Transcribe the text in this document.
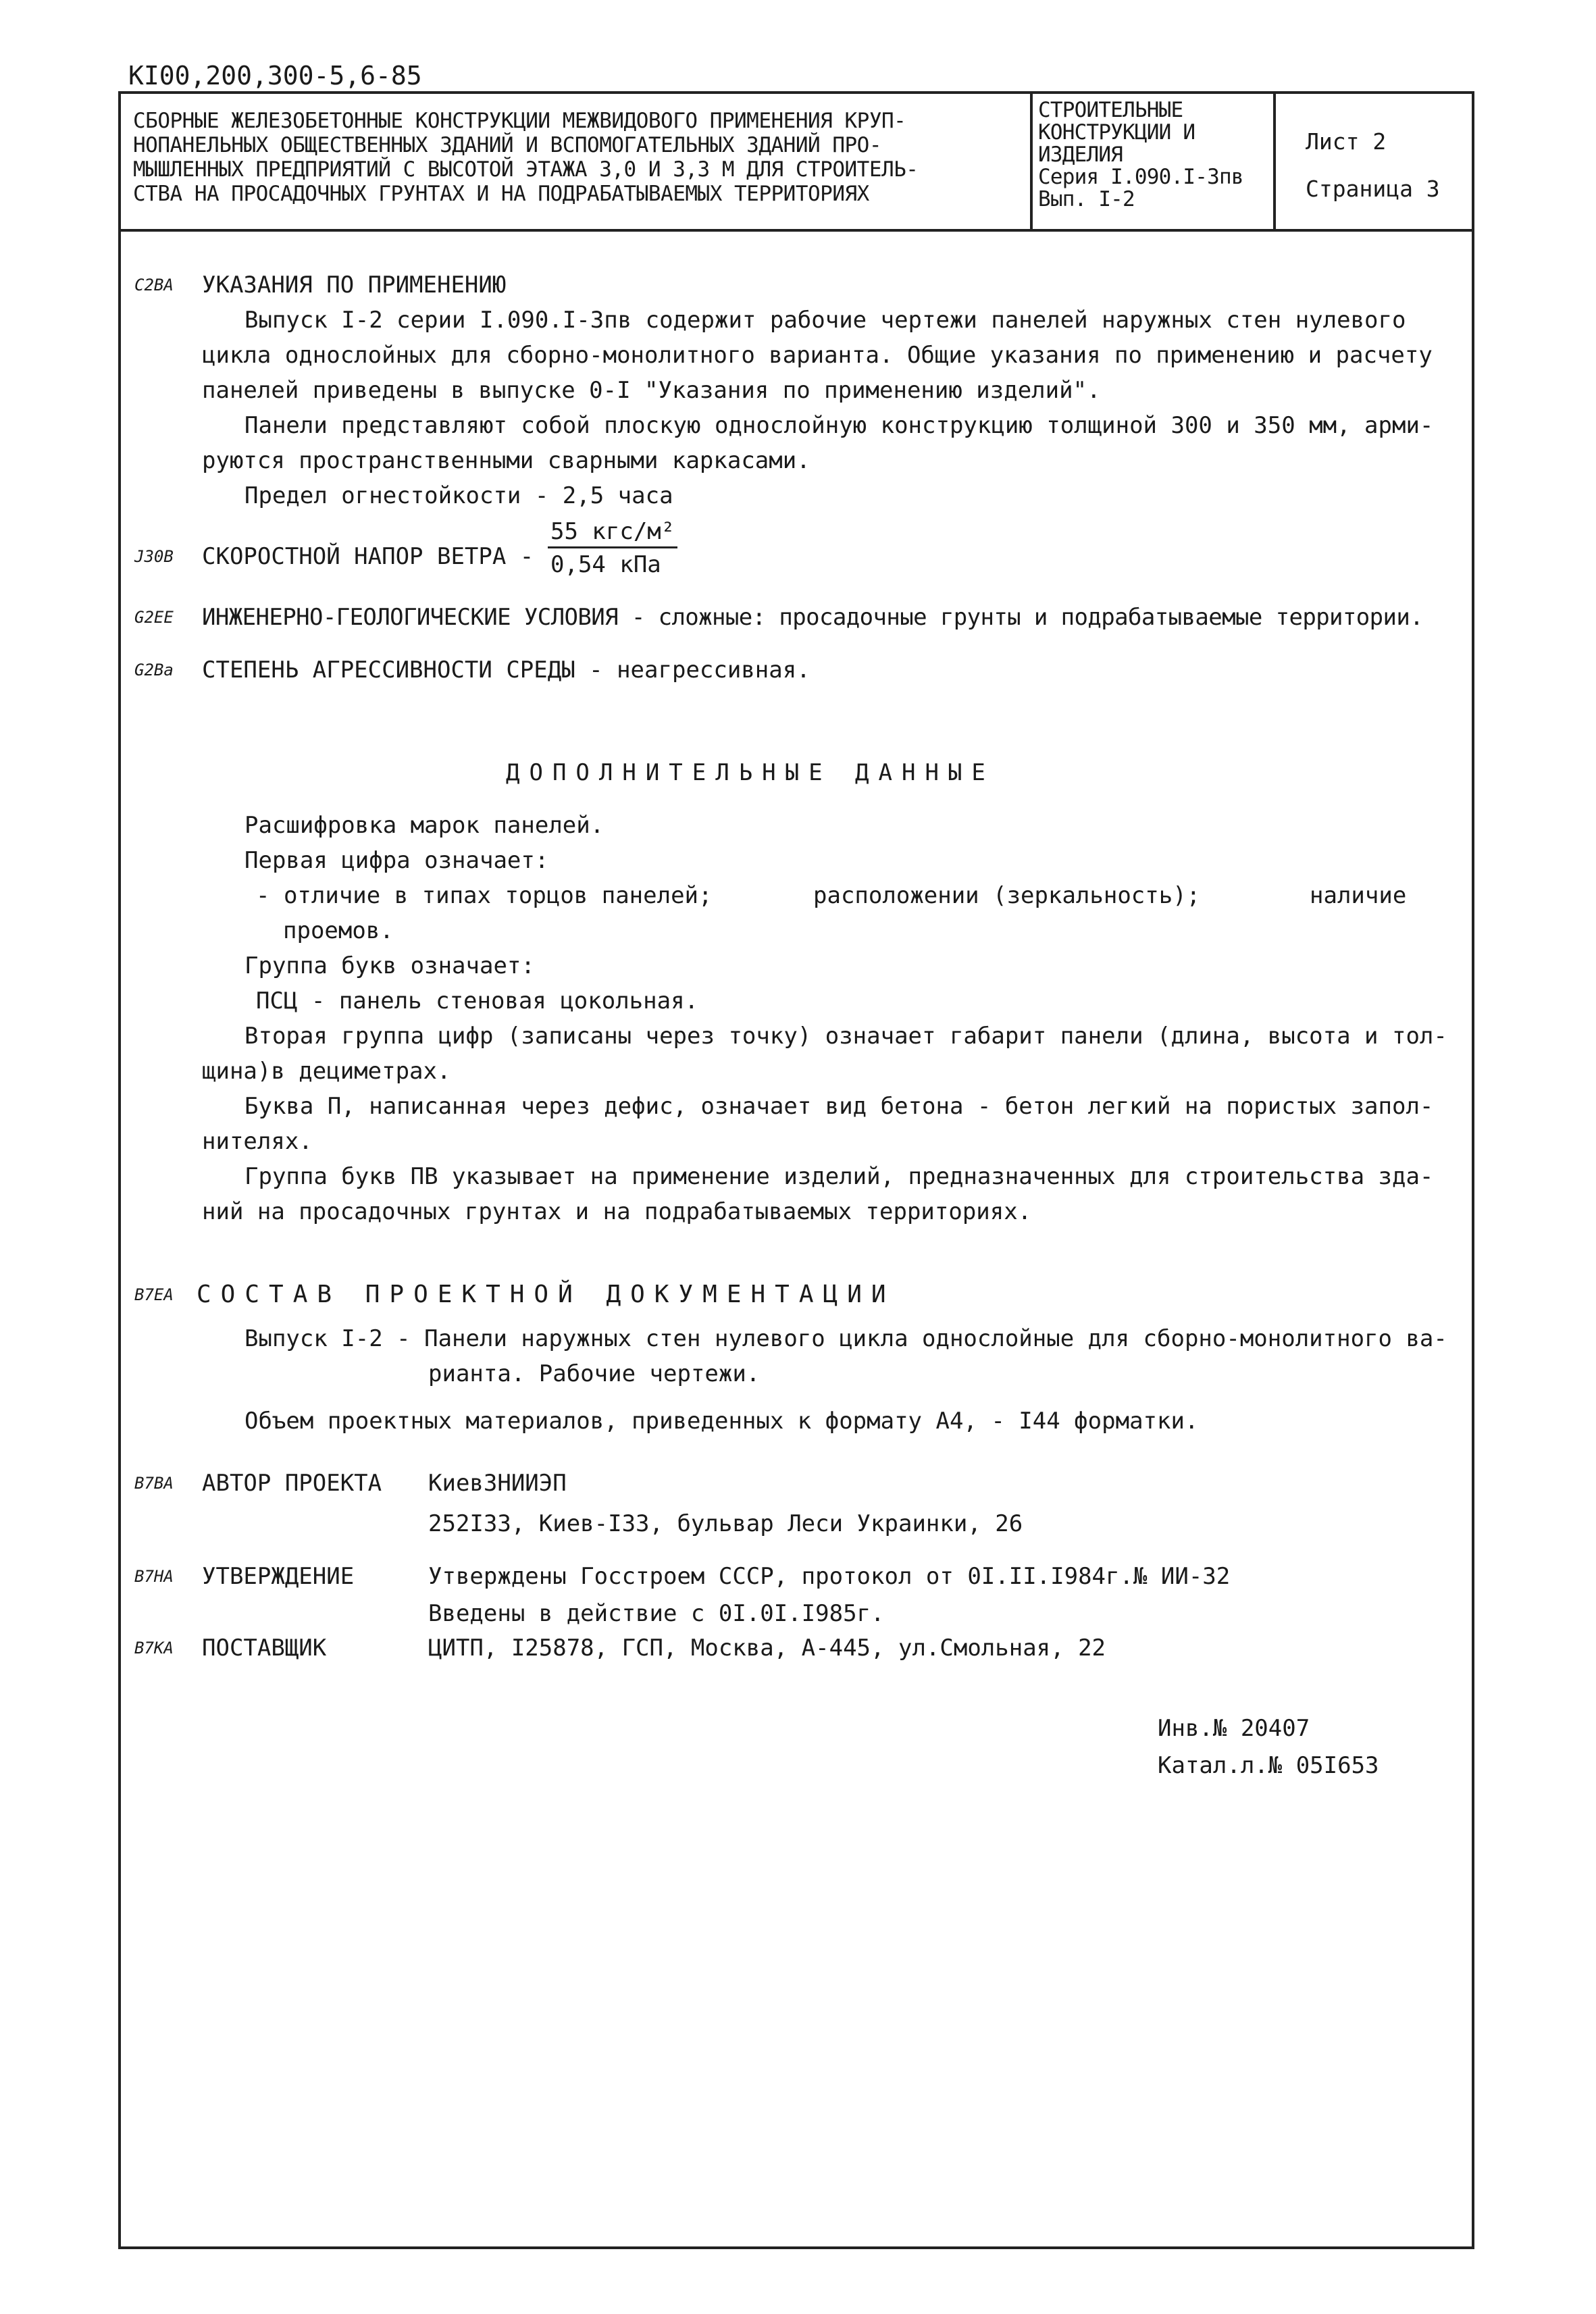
КI00,200,300-5,6-85
СБОРНЫЕ ЖЕЛЕЗОБЕТОННЫЕ КОНСТРУКЦИИ МЕЖВИДОВОГО ПРИМЕНЕНИЯ КРУП-
НОПАНЕЛЬНЫХ ОБЩЕСТВЕННЫХ ЗДАНИЙ И ВСПОМОГАТЕЛЬНЫХ ЗДАНИЙ ПРО-
МЫШЛЕННЫХ ПРЕДПРИЯТИЙ С ВЫСОТОЙ ЭТАЖА 3,0 И 3,3 М ДЛЯ СТРОИТЕЛЬ-
СТВА НА ПРОСАДОЧНЫХ ГРУНТАХ И НА ПОДРАБАТЫВАЕМЫХ ТЕРРИТОРИЯХ
СТРОИТЕЛЬНЫЕ
КОНСТРУКЦИИ И
ИЗДЕЛИЯ
Серия I.090.I-3пв
Вып. I-2
Лист 2
Страница 3
C2BA УКАЗАНИЯ ПО ПРИМЕНЕНИЮ
Выпуск I-2 серии I.090.I-3пв содержит рабочие чертежи панелей наружных стен нулевого
цикла однослойных для сборно-монолитного варианта. Общие указания по применению и расчету
панелей приведены в выпуске 0-I "Указания по применению изделий".
Панели представляют собой плоскую однослойную конструкцию толщиной 300 и 350 мм, арми-
руются пространственными сварными каркасами.
Предел огнестойкости - 2,5 часа
J30B СКОРОСТНОЙ НАПОР ВЕТРА -
55 кгс/м²
0,54 кПа
G2EE ИНЖЕНЕРНО-ГЕОЛОГИЧЕСКИЕ УСЛОВИЯ - сложные: просадочные грунты и подрабатываемые территории.
G2Bа СТЕПЕНЬ АГРЕССИВНОСТИ СРЕДЫ - неагрессивная.
ДОПОЛНИТЕЛЬНЫЕ ДАННЫЕ
Расшифровка марок панелей.
Первая цифра означает:
- отличие в типах торцов панелей;	расположении (зеркальность);	наличие
проемов.
Группа букв означает:
ПСЦ - панель стеновая цокольная.
Вторая группа цифр (записаны через точку) означает габарит панели (длина, высота и тол-
щина)в дециметрах.
Буква П, написанная через дефис, означает вид бетона - бетон легкий на пористых запол-
нителях.
Группа букв ПВ указывает на применение изделий, предназначенных для строительства зда-
ний на просадочных грунтах и на подрабатываемых территориях.
B7EA СОСТАВ ПРОЕКТНОЙ ДОКУМЕНТАЦИИ
Выпуск I-2 - Панели наружных стен нулевого цикла однослойные для сборно-монолитного ва-
рианта. Рабочие чертежи.
Объем проектных материалов, приведенных к формату А4, - I44 форматки.
B7BA АВТОР ПРОЕКТА КиевЗНИИЭП
252I33, Киев-I33, бульвар Леси Украинки, 26
B7HA УТВЕРЖДЕНИЕ	Утверждены Госстроем СССР, протокол от 0I.II.I984г.№ ИИ-32
Введены в действие с 0I.0I.I985г.
B7KA ПОСТАВЩИК	ЦИТП, I25878, ГСП, Москва, А-445, ул.Смольная, 22
Инв.№ 20407
Катал.л.№ 05I653
